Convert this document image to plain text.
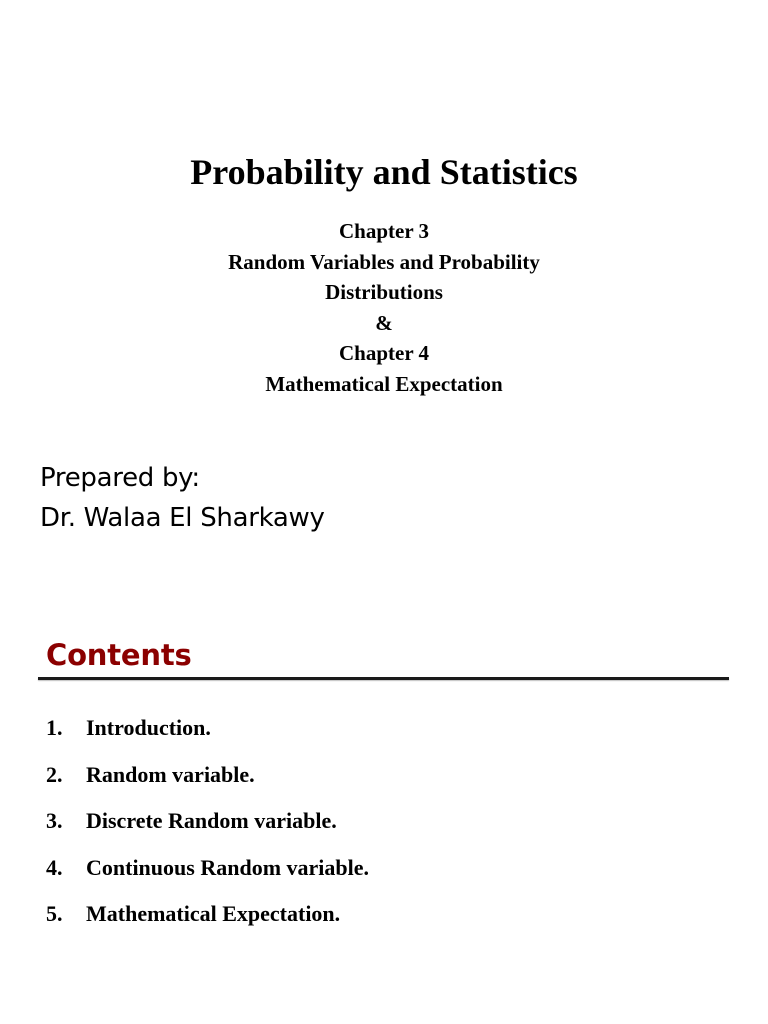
Probability and Statistics
Chapter 3
Random Variables and Probability
Distributions
&
Chapter 4
Mathematical Expectation
Prepared by:
Dr. Walaa El Sharkawy
Contents
1. Introduction.
2. Random variable.
3. Discrete Random variable.
4. Continuous Random variable.
5. Mathematical Expectation.
